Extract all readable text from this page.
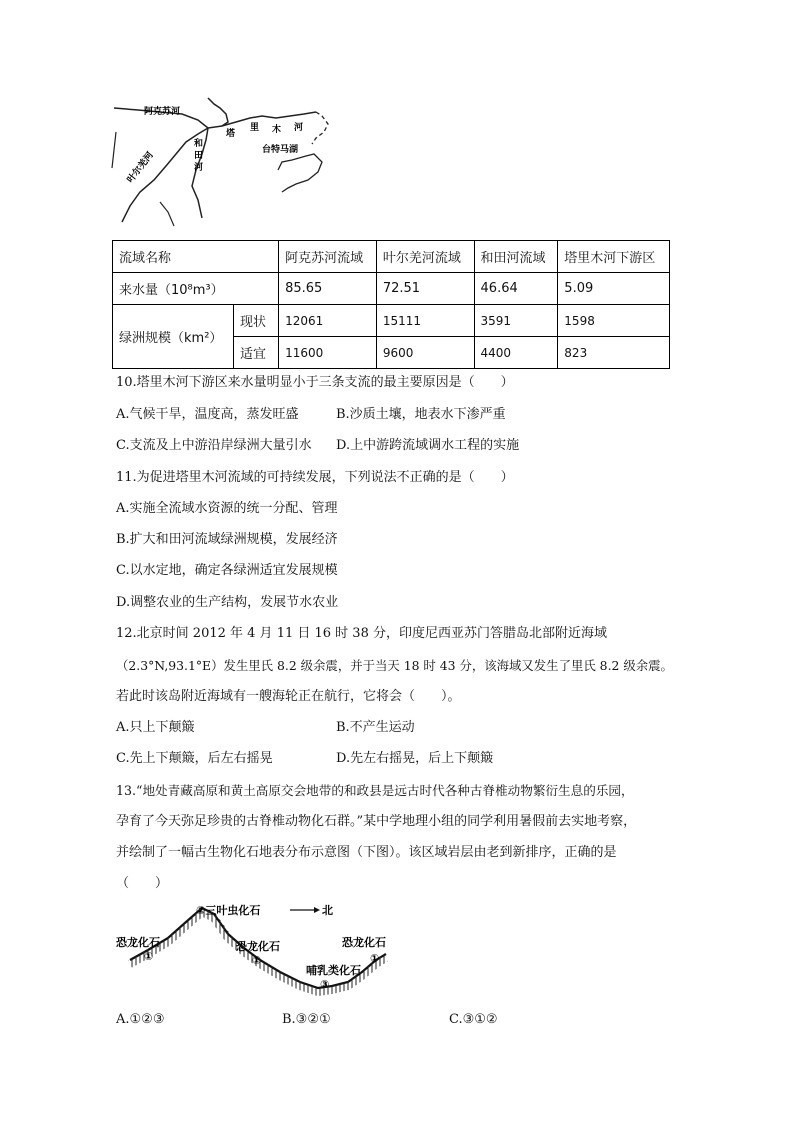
阿克苏河
塔
里 木 河
和
田
河
台特马湖
叶尔羌河
流域名称		阿克苏河流域	叶尔羌河流域	和田河流域	塔里木河下游区
来水量（10⁸m³）		85.65	72.51	46.64	5.09
绿洲规模（km²）	现状	12061	15111	3591	1598
	适宜	11600	9600	4400	823
10.塔里木河下游区来水量明显小于三条支流的最主要原因是（　　）
A.气候干旱，温度高，蒸发旺盛	B.沙质土壤，地表水下渗严重
C.支流及上中游沿岸绿洲大量引水 D.上中游跨流域调水工程的实施
11.为促进塔里木河流域的可持续发展，下列说法不正确的是（　　）
A.实施全流域水资源的统一分配、管理
B.扩大和田河流域绿洲规模，发展经济
C.以水定地，确定各绿洲适宜发展规模
D.调整农业的生产结构，发展节水农业
12.北京时间 2012 年 4 月 11 日 16 时 38 分，印度尼西亚苏门答腊岛北部附近海域
（2.3°N,93.1°E）发生里氏 8.2 级余震，并于当天 18 时 43 分，该海域又发生了里氏 8.2 级余震。
若此时该岛附近海域有一艘海轮正在航行，它将会（　　）。
A.只上下颠簸	B.不产生运动
C.先上下颠簸，后左右摇晃	D.先左右摇晃，后上下颠簸
13.“地处青藏高原和黄土高原交会地带的和政县是远古时代各种古脊椎动物繁衍生息的乐园，
孕育了今天弥足珍贵的古脊椎动物化石群。”某中学地理小组的同学利用暑假前去实地考察，
并绘制了一幅古生物化石地表分布示意图（下图）。该区域岩层由老到新排序，正确的是
（　　）
北
②三叶虫化石
恐龙化石
①
恐龙化石
①
哺乳类化石
③
恐龙化石
①
A.①②③	B.③②①	C.③①②
